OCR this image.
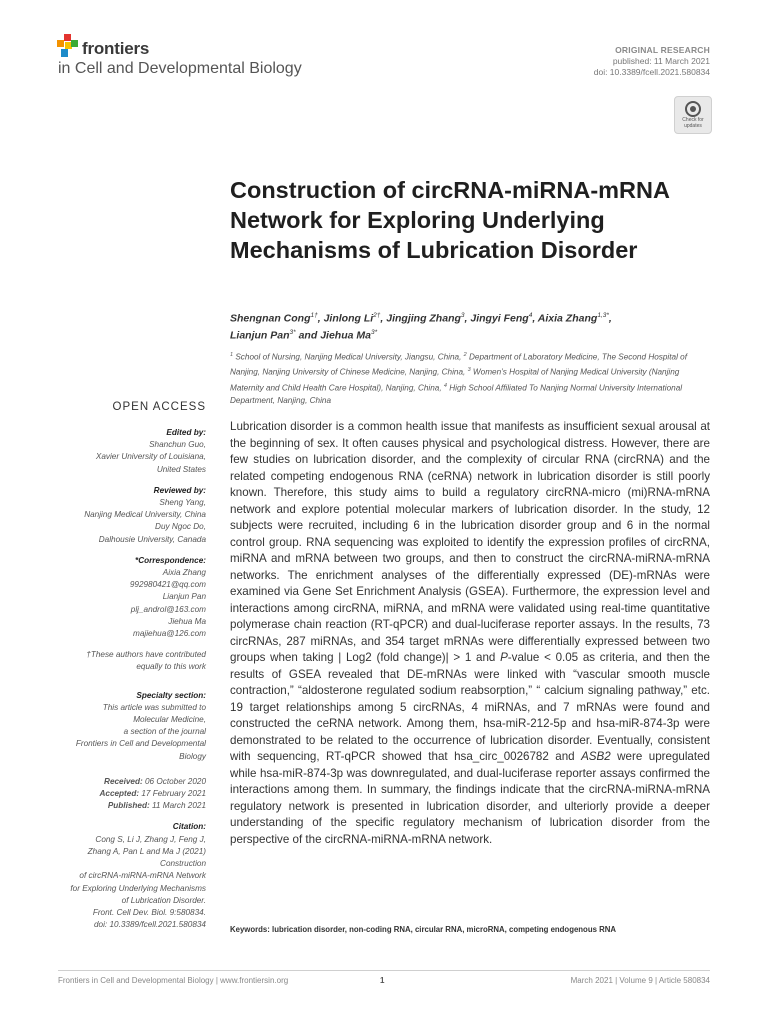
frontiers
in Cell and Developmental Biology
ORIGINAL RESEARCH
published: 11 March 2021
doi: 10.3389/fcell.2021.580834
Check for
updates
Construction of circRNA-miRNA-mRNA Network for Exploring Underlying Mechanisms of Lubrication Disorder
Shengnan Cong$^{1\dagger}$, Jinlong $Li^{2\dagger}$, Jingjing Zhang$^3$, Jingyi Feng$^4$, Aixia Zhang$^{1,3*}$,
Lianjun Pan$^{3*}$ and Jiehua $Ma^{3*}$
$^1$ School of Nursing, Nanjing Medical University, Jiangsu, China, $^2$ Department of Laboratory Medicine, The Second Hospital of Nanjing, Nanjing University of Chinese Medicine, Nanjing, China, $^3$ Women’s Hospital of Nanjing Medical University (Nanjing Maternity and Child Health Care Hospital), Nanjing, China, $^4$ High School Affiliated To Nanjing Normal University International Department, Nanjing, China
OPEN ACCESS
Edited by:
Shanchun Guo,
Xavier University of Louisiana,
United States
Reviewed by:
Sheng Yang,
Nanjing Medical University, China
Duy Ngoc Do,
Dalhousie University, Canada
*Correspondence:
Aixia Zhang
992980421@qq.com
Lianjun Pan
plj_androl@163.com
Jiehua Ma
majiehua@126.com
†These authors have contributed
equally to this work
Specialty section:
This article was submitted to
Molecular Medicine,
a section of the journal
Frontiers in Cell and Developmental
Biology
Received: 06 October 2020
Accepted: 17 February 2021
Published: 11 March 2021
Citation:
Cong S, Li J, Zhang J, Feng J,
Zhang A, Pan L and Ma J (2021)
Construction
of circRNA-miRNA-mRNA Network
for Exploring Underlying Mechanisms
of Lubrication Disorder.
Front. Cell Dev. Biol. 9:580834.
doi: 10.3389/fcell.2021.580834

Lubrication disorder is a common health issue that manifests as insufficient sexual arousal at the beginning of sex. It often causes physical and psychological distress. However, there are few studies on lubrication disorder, and the complexity of circular RNA (circRNA) and the related competing endogenous RNA (ceRNA) network in lubrication disorder is still poorly known. Therefore, this study aims to build a regulatory circRNA-micro (mi)RNA-mRNA network and explore potential molecular markers of lubrication disorder. In the study, 12 subjects were recruited, including 6 in the lubrication disorder group and 6 in the normal control group. RNA sequencing was exploited to identify the expression profiles of circRNA, miRNA and mRNA between two groups, and then to construct the circRNA-miRNA-mRNA networks. The enrichment analyses of the differentially expressed (DE)-mRNAs were examined via Gene Set Enrichment Analysis (GSEA). Furthermore, the expression level and interactions among circRNA, miRNA, and mRNA were validated using real-time quantitative polymerase chain reaction (RT-qPCR) and dual-luciferase reporter assays. In the results, 73 circRNAs, 287 miRNAs, and 354 target mRNAs were differentially expressed between two groups when taking | Log2 (fold change)| > 1 and P-value < 0.05 as criteria, and then the results of GSEA revealed that DE-mRNAs were linked with “vascular smooth muscle contraction,” “aldosterone regulated sodium reabsorption,” “ calcium signaling pathway,” etc. 19 target relationships among 5 circRNAs, 4 miRNAs, and 7 mRNAs were found and constructed the ceRNA network. Among them, hsa-miR-212-5p and hsa-miR-874-3p were demonstrated to be related to the occurrence of lubrication disorder. Eventually, consistent with sequencing, RT-qPCR showed that hsa_circ_0026782 and ASB2 were upregulated while hsa-miR-874-3p was downregulated, and dual-luciferase reporter assays confirmed the interactions among them. In summary, the findings indicate that the circRNA-miRNA-mRNA regulatory network is presented in lubrication disorder, and ulteriorly provide a deeper understanding of the specific regulatory mechanism of lubrication disorder from the perspective of the circRNA-miRNA-mRNA network.

Keywords: lubrication disorder, non-coding RNA, circular RNA, microRNA, competing endogenous RNA
Frontiers in Cell and Developmental Biology | www.frontiersin.org	1	March 2021 | Volume 9 | Article 580834
